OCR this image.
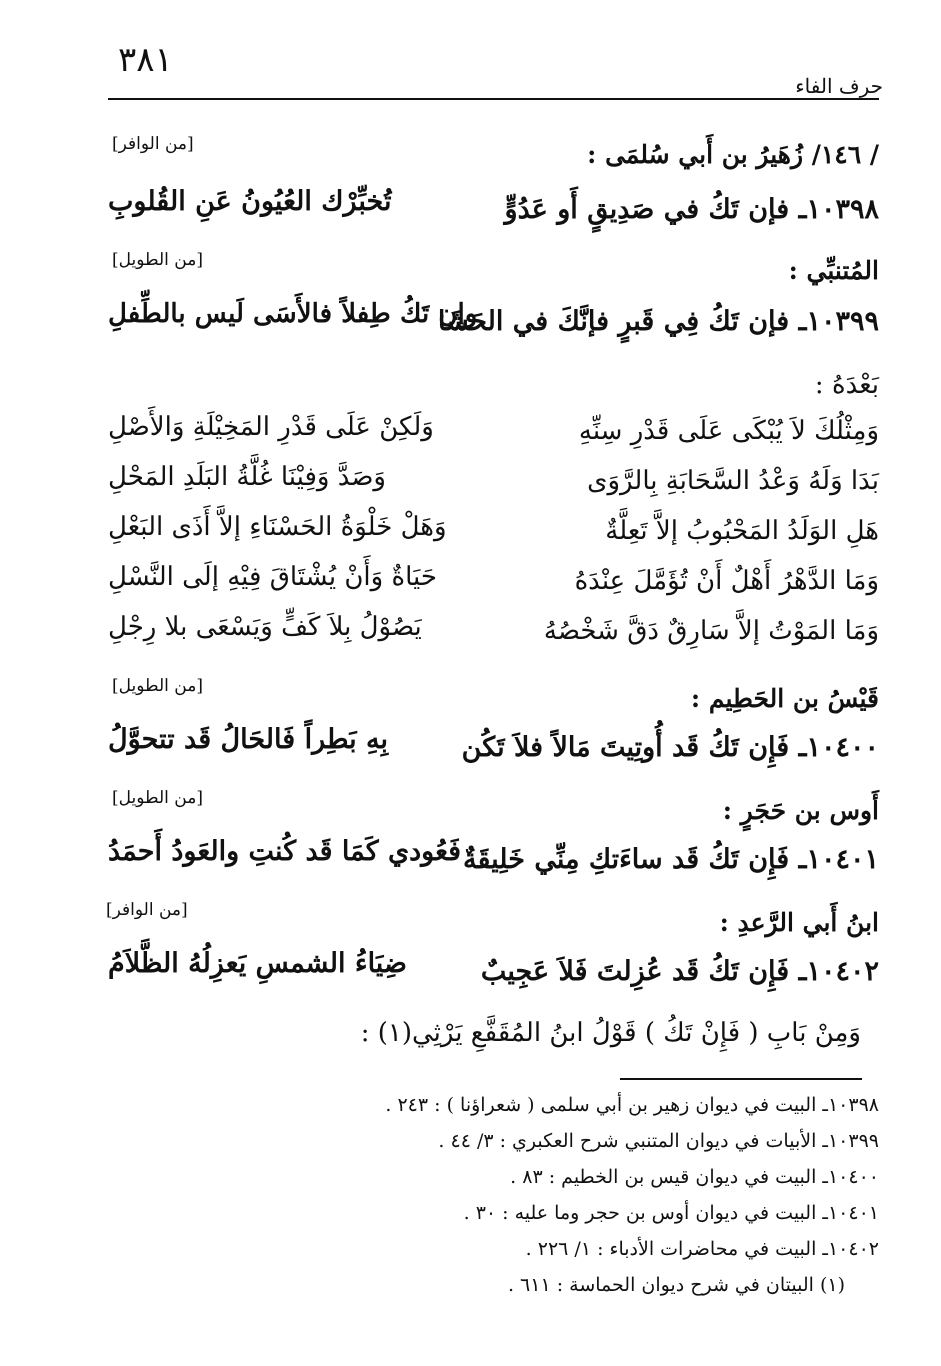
٣٨١
حرف الفاء
/ ١٤٦/ زُهَيرُ بن أَبي سُلمَى :
[من الوافر]
١٠٣٩٨ـ فإن تَكُ في صَدِيقٍ أَو عَدُوٍّ
تُخبِّرْك العُيُونُ عَنِ القُلوبِ
المُتنبِّي :
[من الطويل]
١٠٣٩٩ـ فإن تَكُ فِي قَبرٍ فإنَّكَ في الحَشَا
وإن تَكُ طِفلاً فالأَسَى لَيس بالطِّفلِ
بَعْدَهُ :
وَمِثْلُكَ لاَ يُبْكَى عَلَى قَدْرِ سِنِّهِ
وَلَكِنْ عَلَى قَدْرِ المَخِيْلَةِ وَالأَصْلِ
بَدَا وَلَهُ وَعْدُ السَّحَابَةِ بِالرَّوَى
وَصَدَّ وَفِيْنَا غُلَّةُ البَلَدِ المَحْلِ
هَلِ الوَلَدُ المَحْبُوبُ إلاَّ تَعِلَّةٌ
وَهَلْ خَلْوَةُ الحَسْنَاءِ إلاَّ أَذَى البَعْلِ
وَمَا الدَّهْرُ أَهْلٌ أَنْ تُؤَمَّلَ عِنْدَهُ
حَيَاةٌ وَأَنْ يُشْتَاقَ فِيْهِ إلَى النَّسْلِ
وَمَا المَوْتُ إلاَّ سَارِقٌ دَقَّ شَخْصُهُ
يَصُوْلُ بِلاَ كَفٍّ وَيَسْعَى بلا رِجْلِ
قَيْسُ بن الحَطِيم :
[من الطويل]
١٠٤٠٠ـ فَإِن تَكُ قَد أُوتِيتَ مَالاً فلاَ تَكُن
بِهِ بَطِراً فَالحَالُ قَد تتحوَّلُ
أَوس بن حَجَرٍ :
[من الطويل]
١٠٤٠١ـ فَإِن تَكُ قَد ساءَتكِ مِنِّي خَلِيقَةٌ
فَعُودي كَمَا قَد كُنتِ والعَودُ أَحمَدُ
ابنُ أَبي الرَّعدِ :
[من الوافر]
١٠٤٠٢ـ فَإِن تَكُ قَد عُزِلتَ فَلاَ عَجِيبٌ
ضِيَاءُ الشمسِ يَعزِلُهُ الظَّلاَمُ
وَمِنْ بَابِ ( فَإِنْ تَكُ ) قَوْلُ ابنُ المُقَفَّعِ يَرْثِي(١) :
١٠٣٩٨ـ البيت في ديوان زهير بن أبي سلمى ( شعراؤنا ) : ٢٤٣ .
١٠٣٩٩ـ الأبيات في ديوان المتنبي شرح العكبري : ٣/ ٤٤ .
١٠٤٠٠ـ البيت في ديوان قيس بن الخطيم : ٨٣ .
١٠٤٠١ـ البيت في ديوان أوس بن حجر وما عليه : ٣٠ .
١٠٤٠٢ـ البيت في محاضرات الأدباء : ١/ ٢٢٦ .
(١) البيتان في شرح ديوان الحماسة : ٦١١ .
